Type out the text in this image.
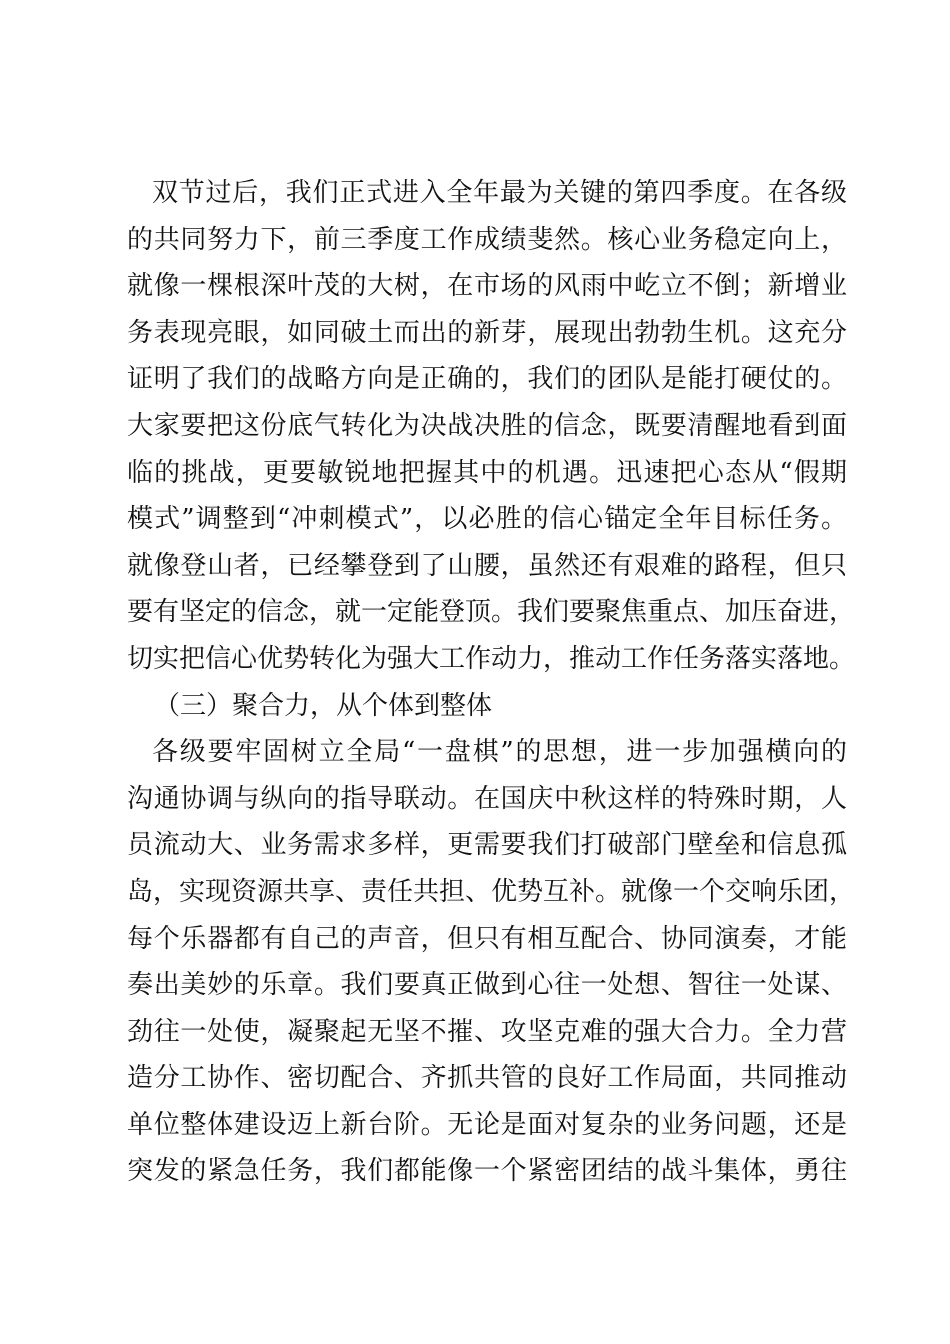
双节过后，我们正式进入全年最为关键的第四季度。在各级
的共同努力下，前三季度工作成绩斐然。核心业务稳定向上，
就像一棵根深叶茂的大树，在市场的风雨中屹立不倒；新增业
务表现亮眼，如同破土而出的新芽，展现出勃勃生机。这充分
证明了我们的战略方向是正确的，我们的团队是能打硬仗的。
大家要把这份底气转化为决战决胜的信念，既要清醒地看到面
临的挑战，更要敏锐地把握其中的机遇。迅速把心态从“假期
模式”调整到“冲刺模式”，以必胜的信心锚定全年目标任务。
就像登山者，已经攀登到了山腰，虽然还有艰难的路程，但只
要有坚定的信念，就一定能登顶。我们要聚焦重点、加压奋进，
切实把信心优势转化为强大工作动力，推动工作任务落实落地。
（三）聚合力，从个体到整体
各级要牢固树立全局“一盘棋”的思想，进一步加强横向的
沟通协调与纵向的指导联动。在国庆中秋这样的特殊时期，人
员流动大、业务需求多样，更需要我们打破部门壁垒和信息孤
岛，实现资源共享、责任共担、优势互补。就像一个交响乐团，
每个乐器都有自己的声音，但只有相互配合、协同演奏，才能
奏出美妙的乐章。我们要真正做到心往一处想、智往一处谋、
劲往一处使，凝聚起无坚不摧、攻坚克难的强大合力。全力营
造分工协作、密切配合、齐抓共管的良好工作局面，共同推动
单位整体建设迈上新台阶。无论是面对复杂的业务问题，还是
突发的紧急任务，我们都能像一个紧密团结的战斗集体，勇往
